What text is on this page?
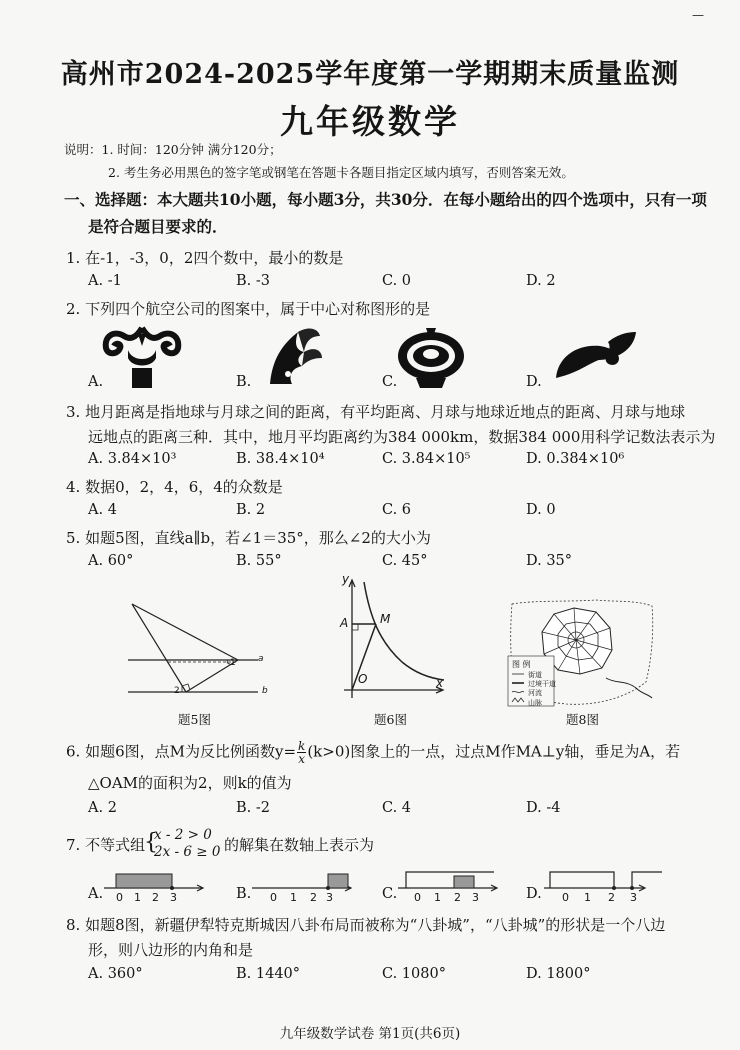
—
高州市2024-2025学年度第一学期期末质量监测
九年级数学
说明：1. 时间：120分钟 满分120分；
2. 考生务必用黑色的签字笔或钢笔在答题卡各题目指定区域内填写，否则答案无效。
一、选择题：本大题共10小题，每小题3分，共30分．在每小题给出的四个选项中，只有一项
是符合题目要求的．
1. 在-1，-3，0，2四个数中，最小的数是
A. -1	B. -3	C. 0	D. 2
2. 下列四个航空公司的图案中，属于中心对称图形的是
A.	B.	C.	D.
3. 地月距离是指地球与月球之间的距离，有平均距离、月球与地球近地点的距离、月球与地球
远地点的距离三种．其中，地月平均距离约为384 000km，数据384 000用科学记数法表示为
A. 3.84×10³	B. 38.4×10⁴	C. 3.84×10⁵	D. 0.384×10⁶
4. 数据0，2，4，6，4的众数是
A. 4	B. 2	C. 6	D. 0
5. 如题5图，直线a∥b，若∠1＝35°，那么∠2的大小为
A. 60°	B. 55°	C. 45°	D. 35°
a
b
1
2
题5图
y
x
A	M
O
题6图
图 例
街道
过境干道
河流
山脉
题8图
6. 如题6图，点M为反比例函数$y= \frac{k}{x} (k>0)$图象上的一点，过点M作MA⊥y轴，垂足为A，若
△OAM的面积为2，则k的值为
A. 2	B. -2	C. 4	D. -4
7. 不等式组
{
x - 2 > 0
2x - 6 ≥ 0 的解集在数轴上表示为
A.	B.	C.	D.
0 1 2 3	0 1 2 3	0 1 2 3	0 1 2 3
8. 如题8图，新疆伊犁特克斯城因八卦布局而被称为“八卦城”，“八卦城”的形状是一个八边
形，则八边形的内角和是
A. 360°	B. 1440°	C. 1080°	D. 1800°
九年级数学试卷 第1页(共6页)
